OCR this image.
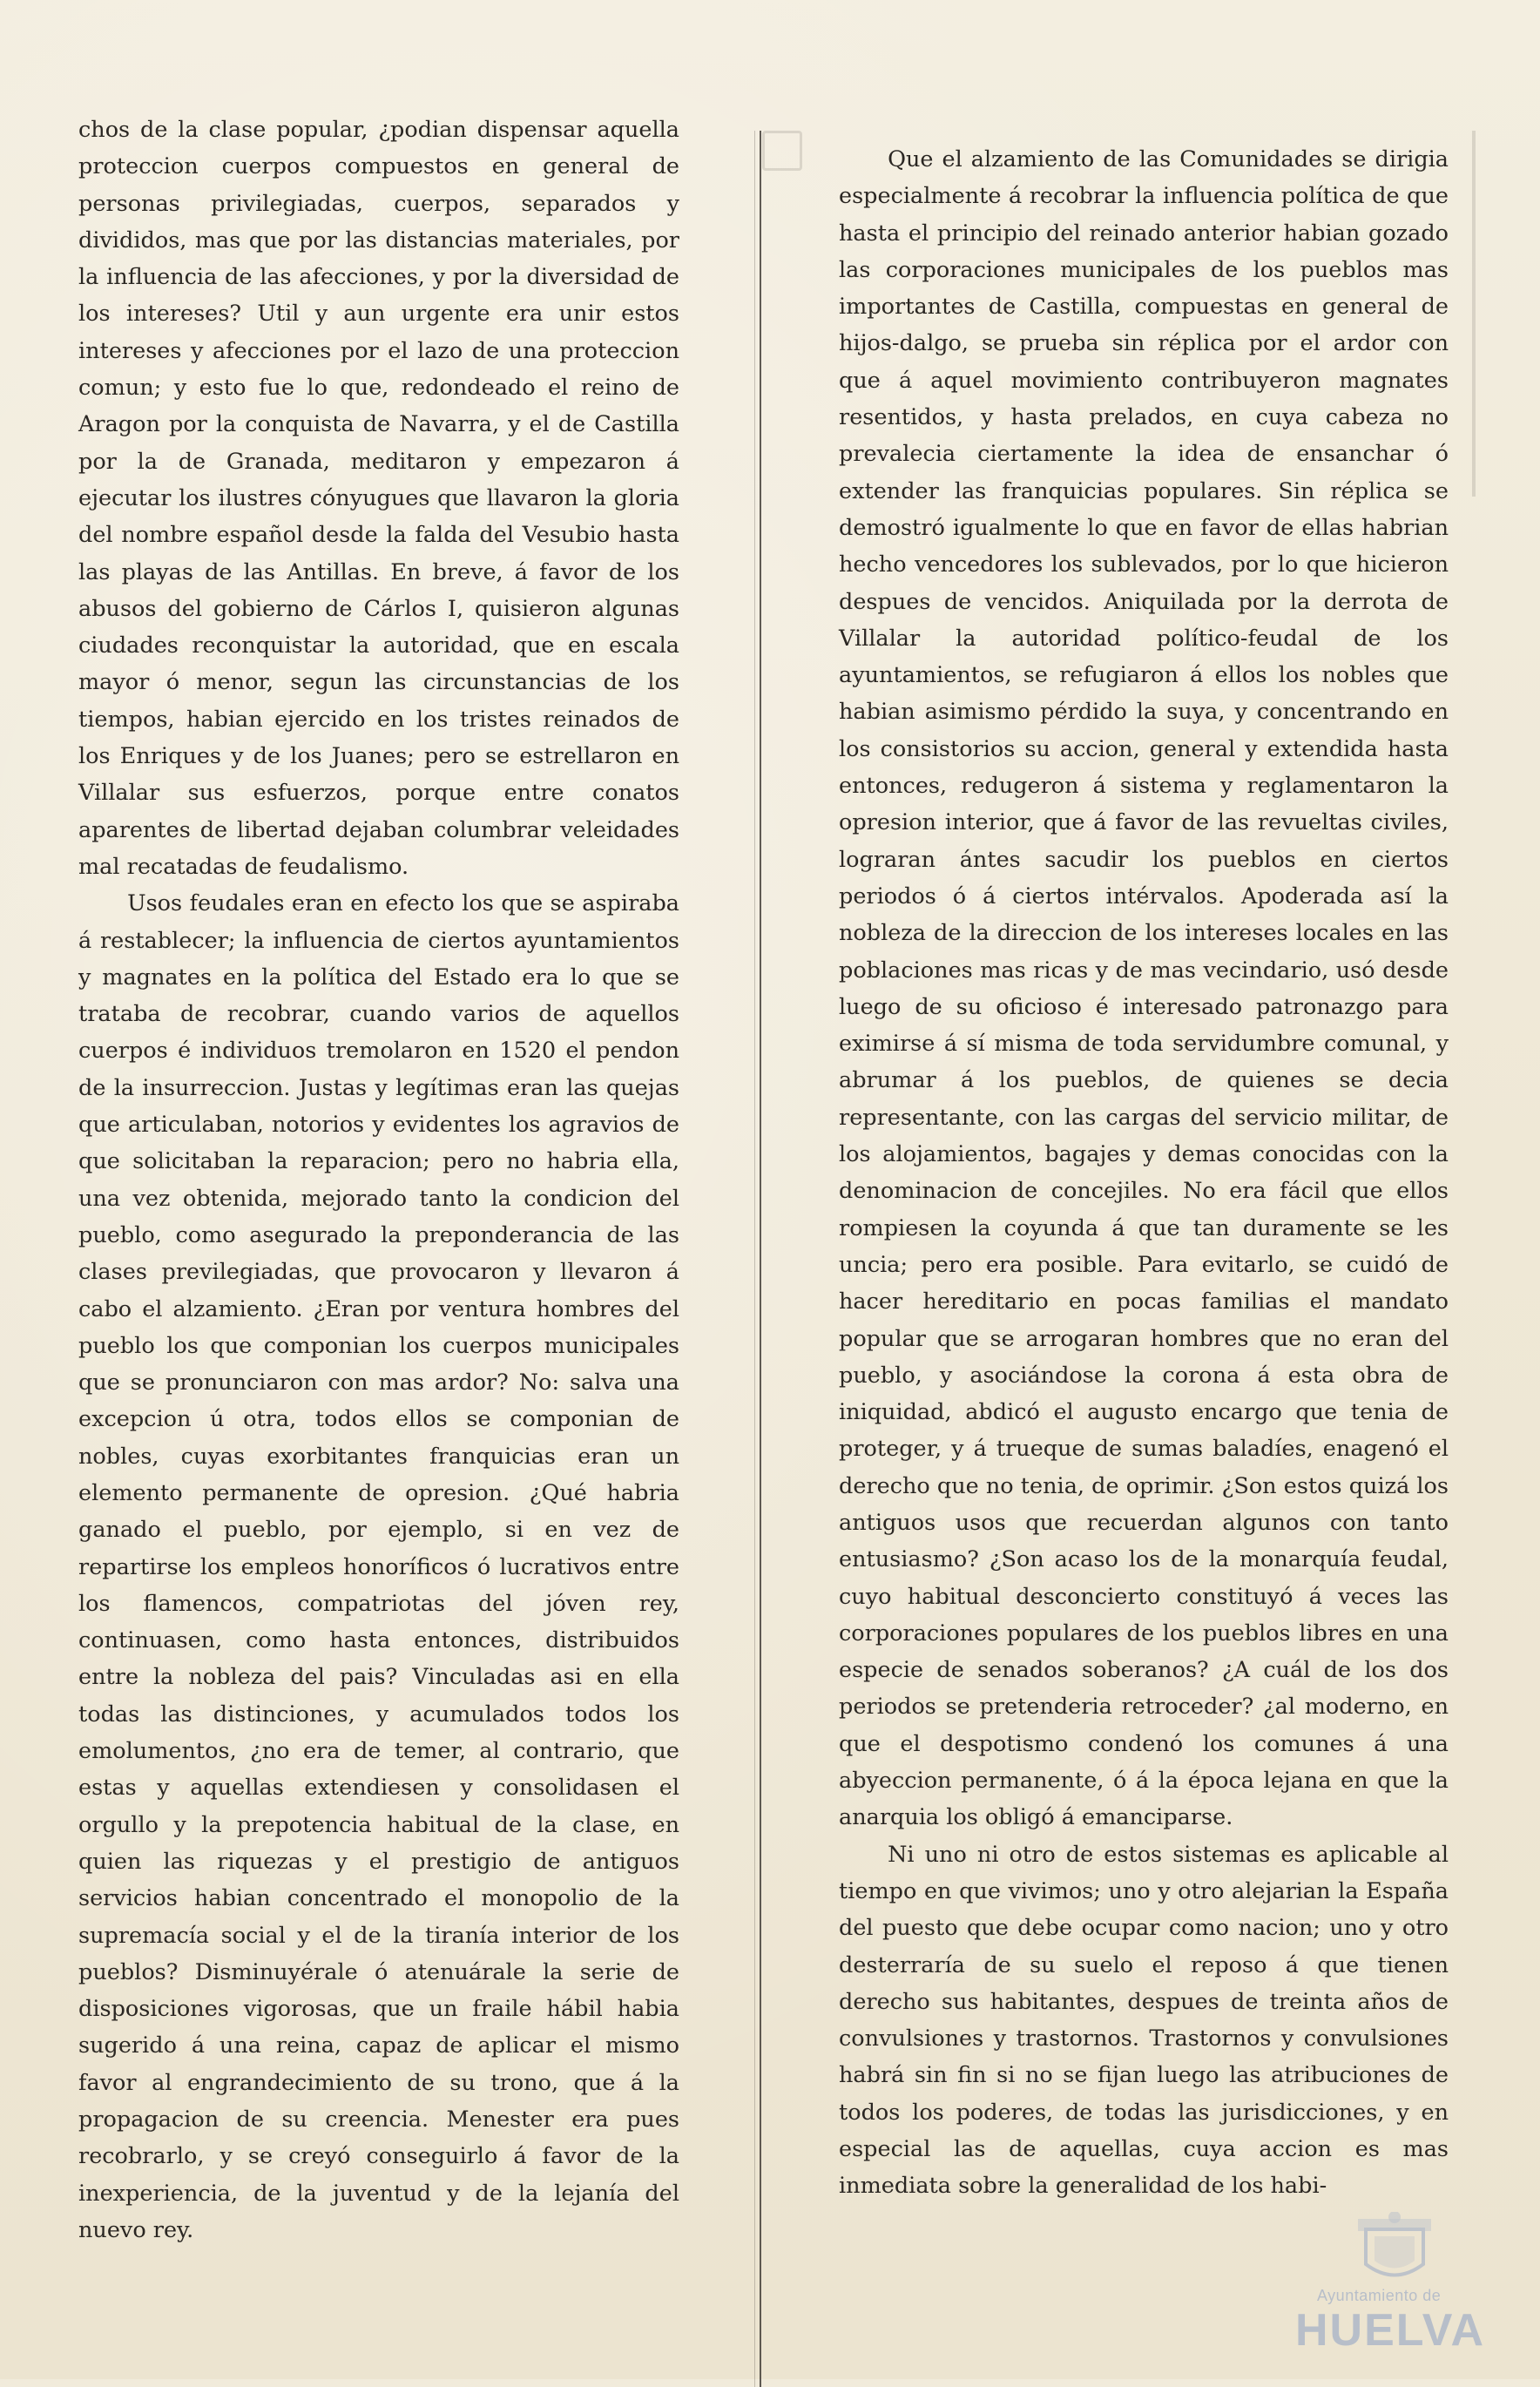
chos de la clase popular, ¿podian dispensar aquella proteccion cuerpos compuestos en general de personas privilegiadas, cuerpos, separados y divididos, mas que por las distancias materiales, por la influencia de las afecciones, y por la diversidad de los intereses? Util y aun urgente era unir estos intereses y afecciones por el lazo de una proteccion comun; y esto fue lo que, redondeado el reino de Aragon por la conquista de Navarra, y el de Castilla por la de Granada, meditaron y empezaron á ejecutar los ilustres cónyugues que llavaron la gloria del nombre español desde la falda del Vesubio hasta las playas de las Antillas. En breve, á favor de los abusos del gobierno de Cárlos I, quisieron algunas ciudades reconquistar la autoridad, que en escala mayor ó menor, segun las circunstancias de los tiempos, habian ejercido en los tristes reinados de los Enriques y de los Juanes; pero se estrellaron en Villalar sus esfuerzos, porque entre conatos aparentes de libertad dejaban columbrar veleidades mal recatadas de feudalismo.

Usos feudales eran en efecto los que se aspiraba á restablecer; la influencia de ciertos ayuntamientos y magnates en la política del Estado era lo que se trataba de recobrar, cuando varios de aquellos cuerpos é individuos tremolaron en 1520 el pendon de la insurreccion. Justas y legítimas eran las quejas que articulaban, notorios y evidentes los agravios de que solicitaban la reparacion; pero no habria ella, una vez obtenida, mejorado tanto la condicion del pueblo, como asegurado la preponderancia de las clases previlegiadas, que provocaron y llevaron á cabo el alzamiento. ¿Eran por ventura hombres del pueblo los que componian los cuerpos municipales que se pronunciaron con mas ardor? No: salva una excepcion ú otra, todos ellos se componian de nobles, cuyas exorbitantes franquicias eran un elemento permanente de opresion. ¿Qué habria ganado el pueblo, por ejemplo, si en vez de repartirse los empleos honoríficos ó lucrativos entre los flamencos, compatriotas del jóven rey, continuasen, como hasta entonces, distribuidos entre la nobleza del pais? Vinculadas asi en ella todas las distinciones, y acumulados todos los emolumentos, ¿no era de temer, al contrario, que estas y aquellas extendiesen y consolidasen el orgullo y la prepotencia habitual de la clase, en quien las riquezas y el prestigio de antiguos servicios habian concentrado el monopolio de la supremacía social y el de la tiranía interior de los pueblos? Disminuyérale ó atenuárale la serie de disposiciones vigorosas, que un fraile hábil habia sugerido á una reina, capaz de aplicar el mismo favor al engrandecimiento de su trono, que á la propagacion de su creencia. Menester era pues recobrarlo, y se creyó conseguirlo á favor de la inexperiencia, de la juventud y de la lejanía del nuevo rey.

Que el alzamiento de las Comunidades se dirigia especialmente á recobrar la influencia política de que hasta el principio del reinado anterior habian gozado las corporaciones municipales de los pueblos mas importantes de Castilla, compuestas en general de hijos-dalgo, se prueba sin réplica por el ardor con que á aquel movimiento contribuyeron magnates resentidos, y hasta prelados, en cuya cabeza no prevalecia ciertamente la idea de ensanchar ó extender las franquicias populares. Sin réplica se demostró igualmente lo que en favor de ellas habrian hecho vencedores los sublevados, por lo que hicieron despues de vencidos. Aniquilada por la derrota de Villalar la autoridad político-feudal de los ayuntamientos, se refugiaron á ellos los nobles que habian asimismo pérdido la suya, y concentrando en los consistorios su accion, general y extendida hasta entonces, redugeron á sistema y reglamentaron la opresion interior, que á favor de las revueltas civiles, lograran ántes sacudir los pueblos en ciertos periodos ó á ciertos intérvalos. Apoderada así la nobleza de la direccion de los intereses locales en las poblaciones mas ricas y de mas vecindario, usó desde luego de su oficioso é interesado patronazgo para eximirse á sí misma de toda servidumbre comunal, y abrumar á los pueblos, de quienes se decia representante, con las cargas del servicio militar, de los alojamientos, bagajes y demas conocidas con la denominacion de concejiles. No era fácil que ellos rompiesen la coyunda á que tan duramente se les uncia; pero era posible. Para evitarlo, se cuidó de hacer hereditario en pocas familias el mandato popular que se arrogaran hombres que no eran del pueblo, y asociándose la corona á esta obra de iniquidad, abdicó el augusto encargo que tenia de proteger, y á trueque de sumas baladíes, enagenó el derecho que no tenia, de oprimir. ¿Son estos quizá los antiguos usos que recuerdan algunos con tanto entusiasmo? ¿Son acaso los de la monarquía feudal, cuyo habitual desconcierto constituyó á veces las corporaciones populares de los pueblos libres en una especie de senados soberanos? ¿A cuál de los dos periodos se pretenderia retroceder? ¿al moderno, en que el despotismo condenó los comunes á una abyeccion permanente, ó á la época lejana en que la anarquia los obligó á emanciparse.

Ni uno ni otro de estos sistemas es aplicable al tiempo en que vivimos; uno y otro alejarian la España del puesto que debe ocupar como nacion; uno y otro desterraría de su suelo el reposo á que tienen derecho sus habitantes, despues de treinta años de convulsiones y trastornos. Trastornos y convulsiones habrá sin fin si no se fijan luego las atribuciones de todos los poderes, de todas las jurisdicciones, y en especial las de aquellas, cuya accion es mas inmediata sobre la generalidad de los habi-

Ayuntamiento de
HUELVA
